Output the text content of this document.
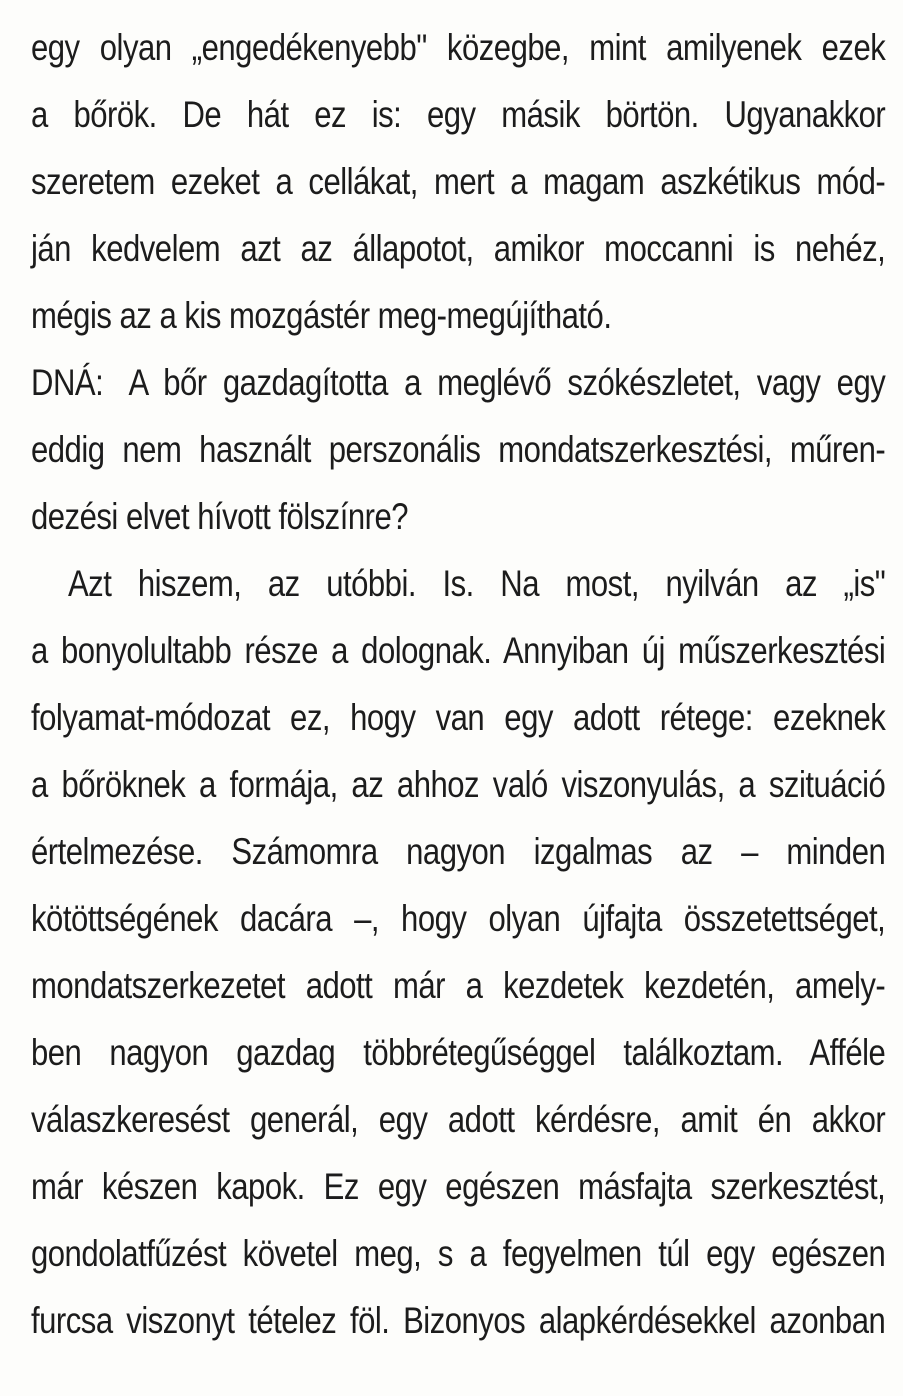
egy olyan „engedékenyebb" közegbe, mint amilyenek ezek
a bőrök. De hát ez is: egy másik börtön. Ugyanakkor
szeretem ezeket a cellákat, mert a magam aszkétikus mód-
ján kedvelem azt az állapotot, amikor moccanni is nehéz,
mégis az a kis mozgástér meg-megújítható.
DNÁ: A bőr gazdagította a meglévő szókészletet, vagy egy
eddig nem használt perszonális mondatszerkesztési, műren-
dezési elvet hívott fölszínre?
Azt hiszem, az utóbbi. Is. Na most, nyilván az „is"
a bonyolultabb része a dolognak. Annyiban új műszerkesztési
folyamat-módozat ez, hogy van egy adott rétege: ezeknek
a bőröknek a formája, az ahhoz való viszonyulás, a szituáció
értelmezése. Számomra nagyon izgalmas az – minden
kötöttségének dacára –, hogy olyan újfajta összetettséget,
mondatszerkezetet adott már a kezdetek kezdetén, amely-
ben nagyon gazdag többrétegűséggel találkoztam. Afféle
válaszkeresést generál, egy adott kérdésre, amit én akkor
már készen kapok. Ez egy egészen másfajta szerkesztést,
gondolatfűzést követel meg, s a fegyelmen túl egy egészen
furcsa viszonyt tételez föl. Bizonyos alapkérdésekkel azonban
